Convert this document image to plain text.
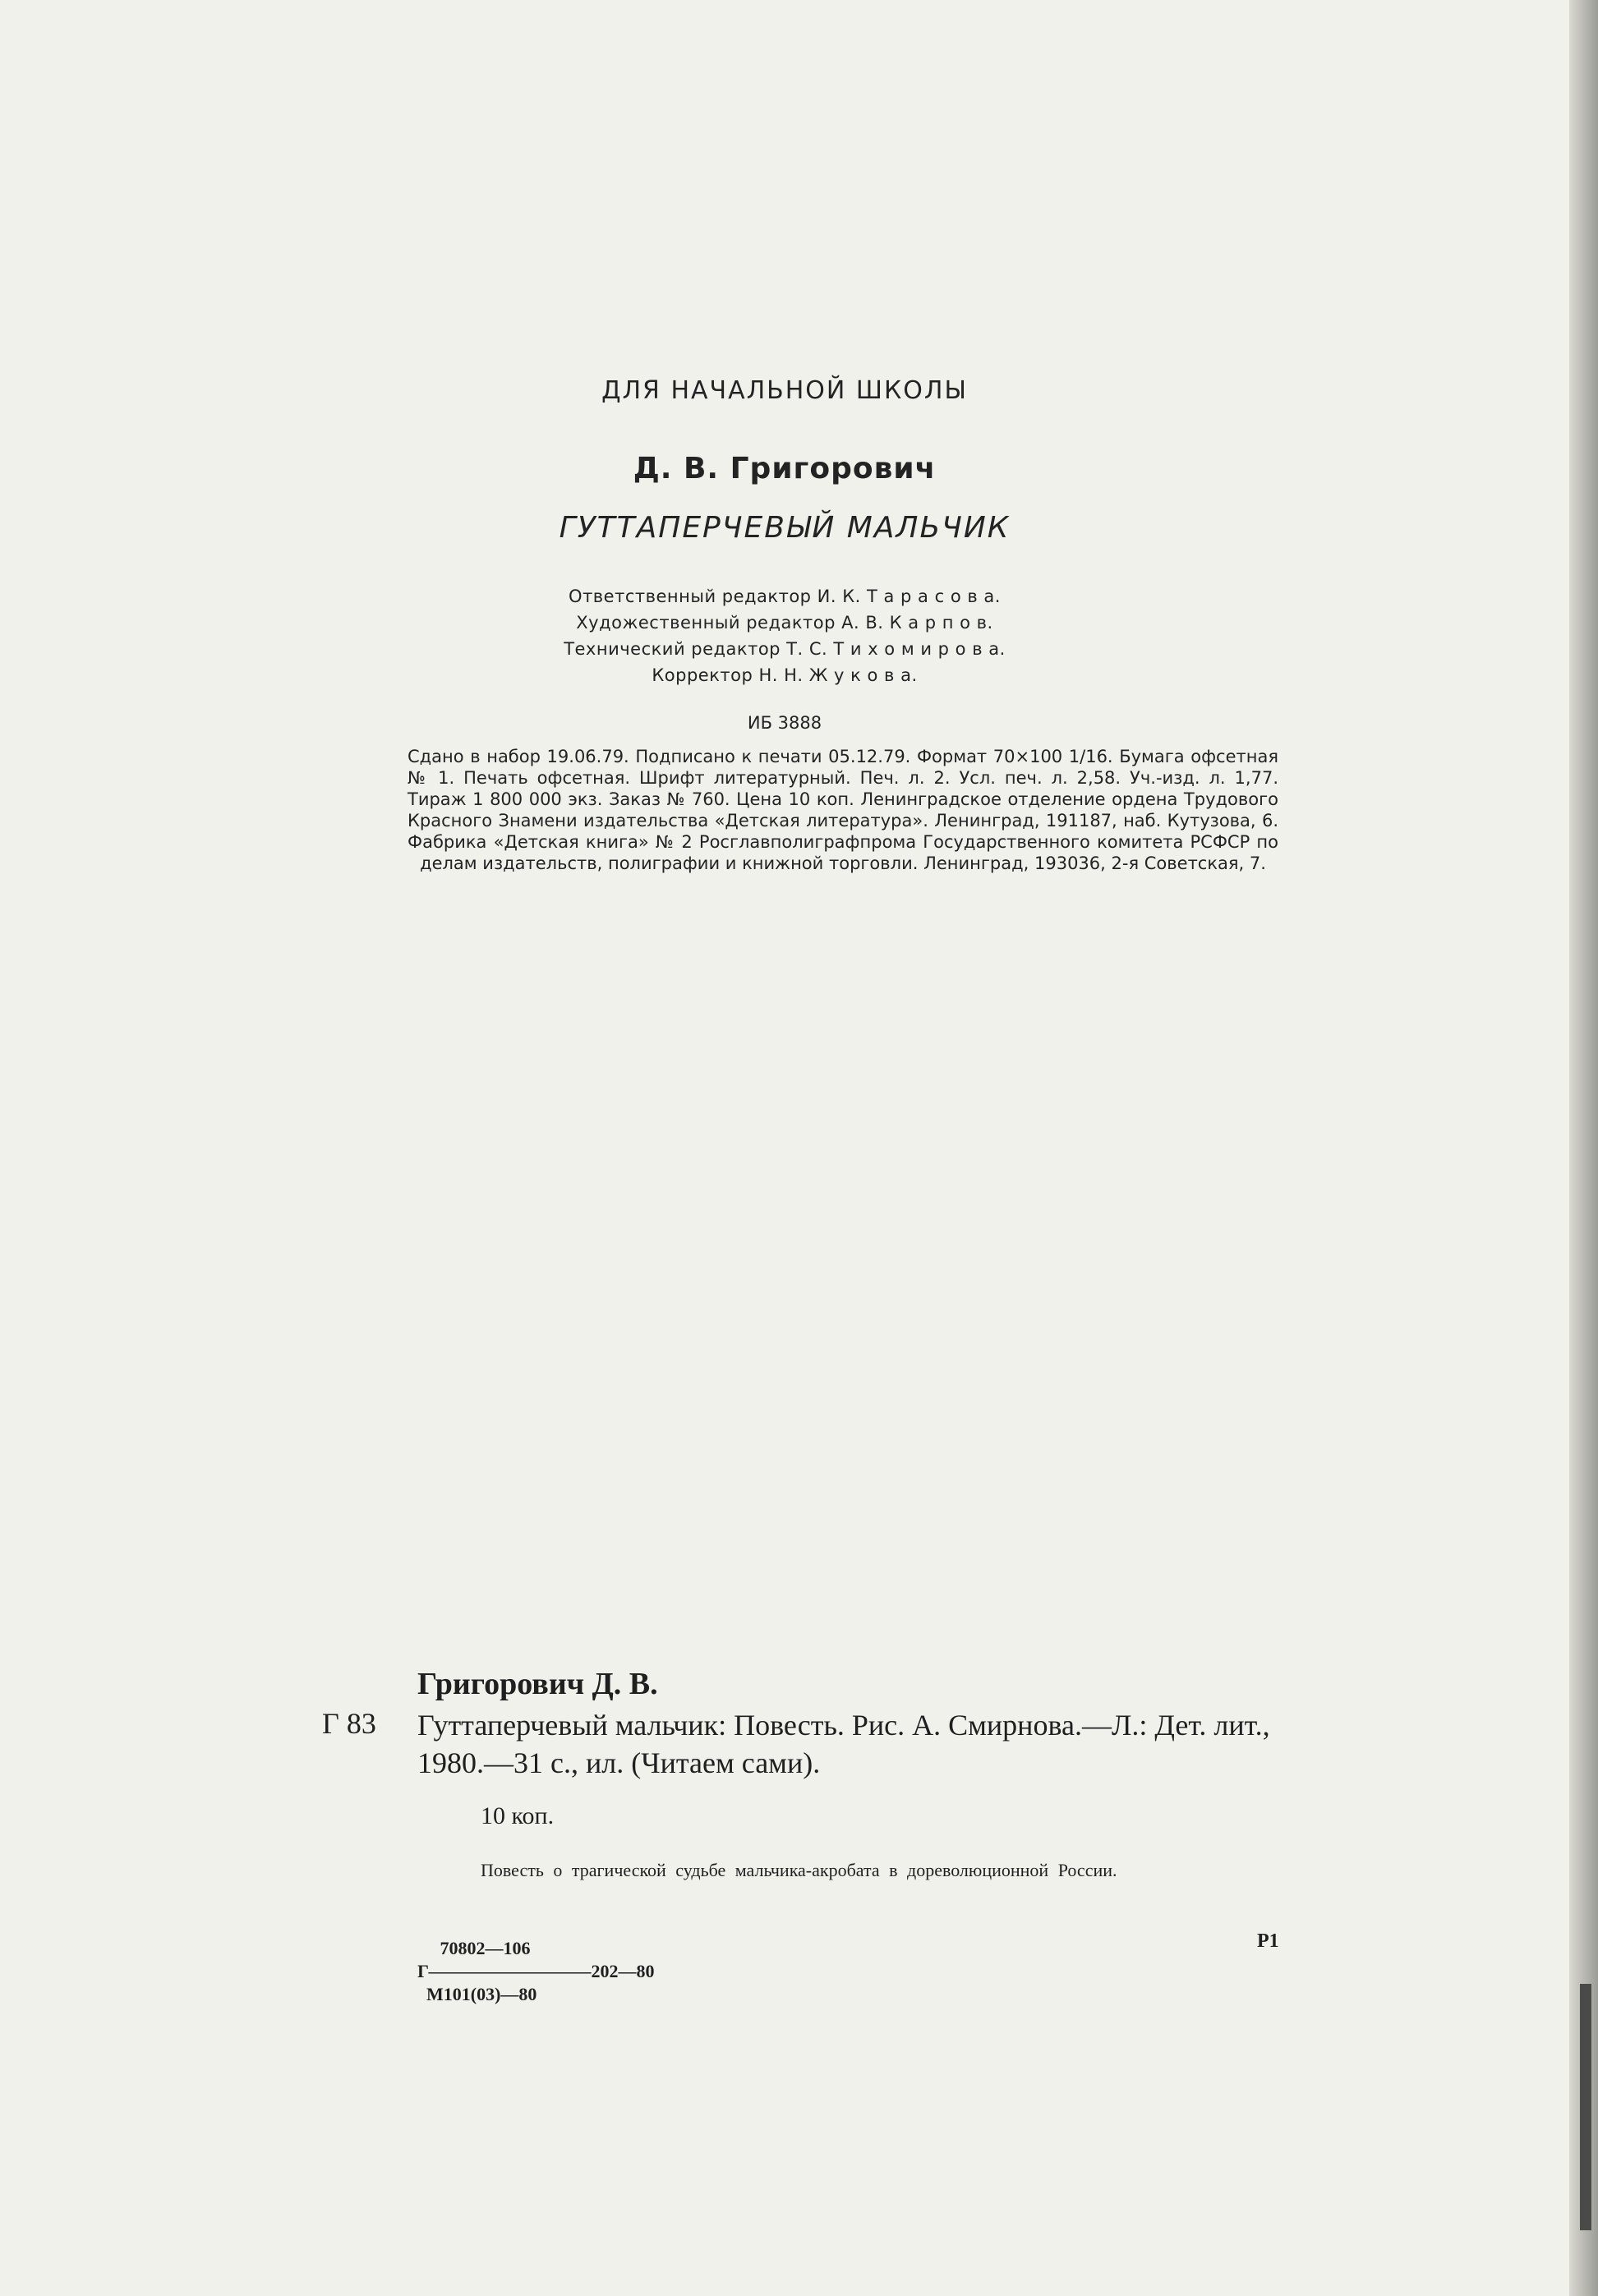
ДЛЯ НАЧАЛЬНОЙ ШКОЛЫ
Д. В. Григорович
ГУТТАПЕРЧЕВЫЙ МАЛЬЧИК
Ответственный редактор И. К. Т а р а с о в а.
Художественный редактор А. В. К а р п о в.
Технический редактор Т. С. Т и х о м и р о в а.
Корректор Н. Н. Ж у к о в а.
ИБ 3888
Сдано в набор 19.06.79. Подписано к печати 05.12.79. Формат 70×100 1/16. Бумага офсетная № 1. Печать офсетная. Шрифт литературный. Печ. л. 2. Усл. печ. л. 2,58. Уч.-изд. л. 1,77. Тираж 1 800 000 экз. Заказ № 760. Цена 10 коп. Ленинградское отделение ордена Трудового Красного Знамени издательства «Детская литература». Ленинград, 191187, наб. Кутузова, 6. Фабрика «Детская книга» № 2 Росглавполиграфпрома Государственного комитета РСФСР по делам издательств, полиграфии и книжной торговли. Ленинград, 193036, 2-я Советская, 7.
Григорович Д. В.
Г 83 Гуттаперчевый мальчик: Повесть. Рис. А. Смирнова.—Л.: Дет. лит., 1980.—31 с., ил. (Читаем сами).
10 коп.
Повесть о трагической судьбе мальчика-акробата в дореволюционной России.
Р1
70802—106
Г—————————202—80
М101(03)—80
